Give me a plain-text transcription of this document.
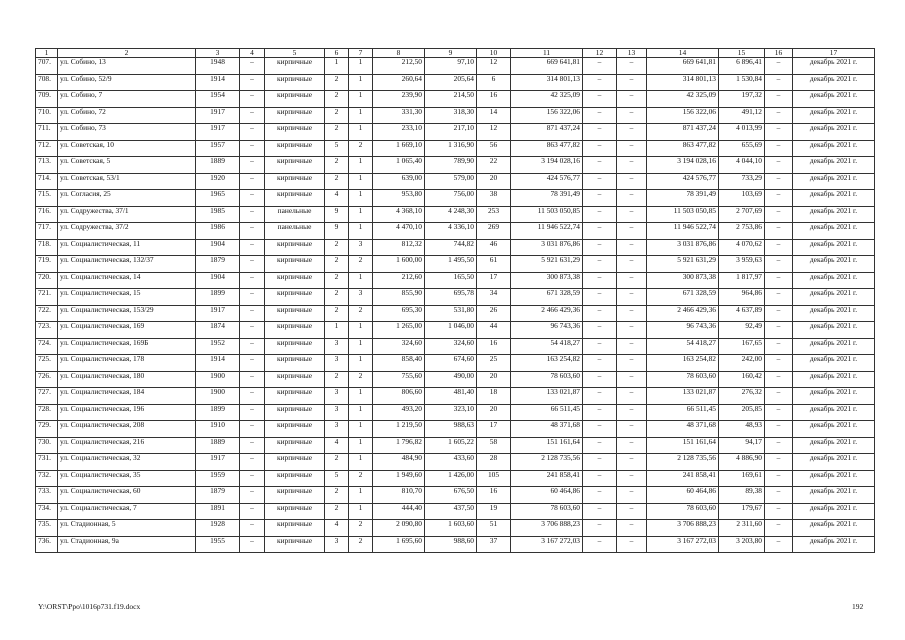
1	2	3	4	5	6	7	8	9	10	11	12	13	14	15	16	17
707.	ул. Собино, 13	1948	–	кирпичные	1	1	212,50	97,10	12	669 641,81	–	–	669 641,81	6 896,41	–	декабрь 2021 г.
708.	ул. Собино, 52/9	1914	–	кирпичные	2	1	260,64	205,64	6	314 801,13	–	–	314 801,13	1 530,84	–	декабрь 2021 г.
709.	ул. Собино, 7	1954	–	кирпичные	2	1	239,90	214,50	16	42 325,09	–	–	42 325,09	197,32	–	декабрь 2021 г.
710.	ул. Собино, 72	1917	–	кирпичные	2	1	331,30	318,30	14	156 322,06	–	–	156 322,06	491,12	–	декабрь 2021 г.
711.	ул. Собино, 73	1917	–	кирпичные	2	1	233,10	217,10	12	871 437,24	–	–	871 437,24	4 013,99	–	декабрь 2021 г.
712.	ул. Советская, 10	1957	–	кирпичные	5	2	1 669,10	1 316,90	56	863 477,82	–	–	863 477,82	655,69	–	декабрь 2021 г.
713.	ул. Советская, 5	1889	–	кирпичные	2	1	1 065,40	789,90	22	3 194 028,16	–	–	3 194 028,16	4 044,10	–	декабрь 2021 г.
714.	ул. Советская, 53/1	1920	–	кирпичные	2	1	639,00	579,00	20	424 576,77	–	–	424 576,77	733,29	–	декабрь 2021 г.
715.	ул. Согласия, 25	1965	–	кирпичные	4	1	953,80	756,00	38	78 391,49	–	–	78 391,49	103,69	–	декабрь 2021 г.
716.	ул. Содружества, 37/1	1985	–	панельные	9	1	4 368,10	4 248,30	253	11 503 050,85	–	–	11 503 050,85	2 707,69	–	декабрь 2021 г.
717.	ул. Содружества, 37/2	1986	–	панельные	9	1	4 470,10	4 336,10	269	11 946 522,74	–	–	11 946 522,74	2 753,86	–	декабрь 2021 г.
718.	ул. Социалистическая, 11	1904	–	кирпичные	2	3	812,32	744,82	46	3 031 876,86	–	–	3 031 876,86	4 070,62	–	декабрь 2021 г.
719.	ул. Социалистическая, 132/37	1879	–	кирпичные	2	2	1 600,00	1 495,50	61	5 921 631,29	–	–	5 921 631,29	3 959,63	–	декабрь 2021 г.
720.	ул. Социалистическая, 14	1904	–	кирпичные	2	1	212,60	165,50	17	300 873,38	–	–	300 873,38	1 817,97	–	декабрь 2021 г.
721.	ул. Социалистическая, 15	1899	–	кирпичные	2	3	855,90	695,78	34	671 328,59	–	–	671 328,59	964,86	–	декабрь 2021 г.
722.	ул. Социалистическая, 153/29	1917	–	кирпичные	2	2	695,30	531,80	26	2 466 429,36	–	–	2 466 429,36	4 637,89	–	декабрь 2021 г.
723.	ул. Социалистическая, 169	1874	–	кирпичные	1	1	1 265,00	1 046,00	44	96 743,36	–	–	96 743,36	92,49	–	декабрь 2021 г.
724.	ул. Социалистическая, 169Б	1952	–	кирпичные	3	1	324,60	324,60	16	54 418,27	–	–	54 418,27	167,65	–	декабрь 2021 г.
725.	ул. Социалистическая, 178	1914	–	кирпичные	3	1	858,40	674,60	25	163 254,82	–	–	163 254,82	242,00	–	декабрь 2021 г.
726.	ул. Социалистическая, 180	1900	–	кирпичные	2	2	755,60	490,00	20	78 603,60	–	–	78 603,60	160,42	–	декабрь 2021 г.
727.	ул. Социалистическая, 184	1900	–	кирпичные	3	1	806,60	481,40	18	133 021,87	–	–	133 021,87	276,32	–	декабрь 2021 г.
728.	ул. Социалистическая, 196	1899	–	кирпичные	3	1	493,20	323,10	20	66 511,45	–	–	66 511,45	205,85	–	декабрь 2021 г.
729.	ул. Социалистическая, 208	1910	–	кирпичные	3	1	1 219,50	988,63	17	48 371,68	–	–	48 371,68	48,93	–	декабрь 2021 г.
730.	ул. Социалистическая, 216	1889	–	кирпичные	4	1	1 796,82	1 605,22	58	151 161,64	–	–	151 161,64	94,17	–	декабрь 2021 г.
731.	ул. Социалистическая, 32	1917	–	кирпичные	2	1	484,90	433,60	28	2 128 735,56	–	–	2 128 735,56	4 886,90	–	декабрь 2021 г.
732.	ул. Социалистическая, 35	1959	–	кирпичные	5	2	1 949,60	1 426,00	105	241 858,41	–	–	241 858,41	169,61	–	декабрь 2021 г.
733.	ул. Социалистическая, 60	1879	–	кирпичные	2	1	810,70	676,50	16	60 464,86	–	–	60 464,86	89,38	–	декабрь 2021 г.
734.	ул. Социалистическая, 7	1891	–	кирпичные	2	1	444,40	437,50	19	78 603,60	–	–	78 603,60	179,67	–	декабрь 2021 г.
735.	ул. Стадионная, 5	1928	–	кирпичные	4	2	2 090,80	1 603,60	51	3 706 888,23	–	–	3 706 888,23	2 311,60	–	декабрь 2021 г.
736.	ул. Стадионная, 9а	1955	–	кирпичные	3	2	1 695,60	988,60	37	3 167 272,03	–	–	3 167 272,03	3 203,80	–	декабрь 2021 г.
Y:\ORST\Ppo\1016p731.f19.docx	192
